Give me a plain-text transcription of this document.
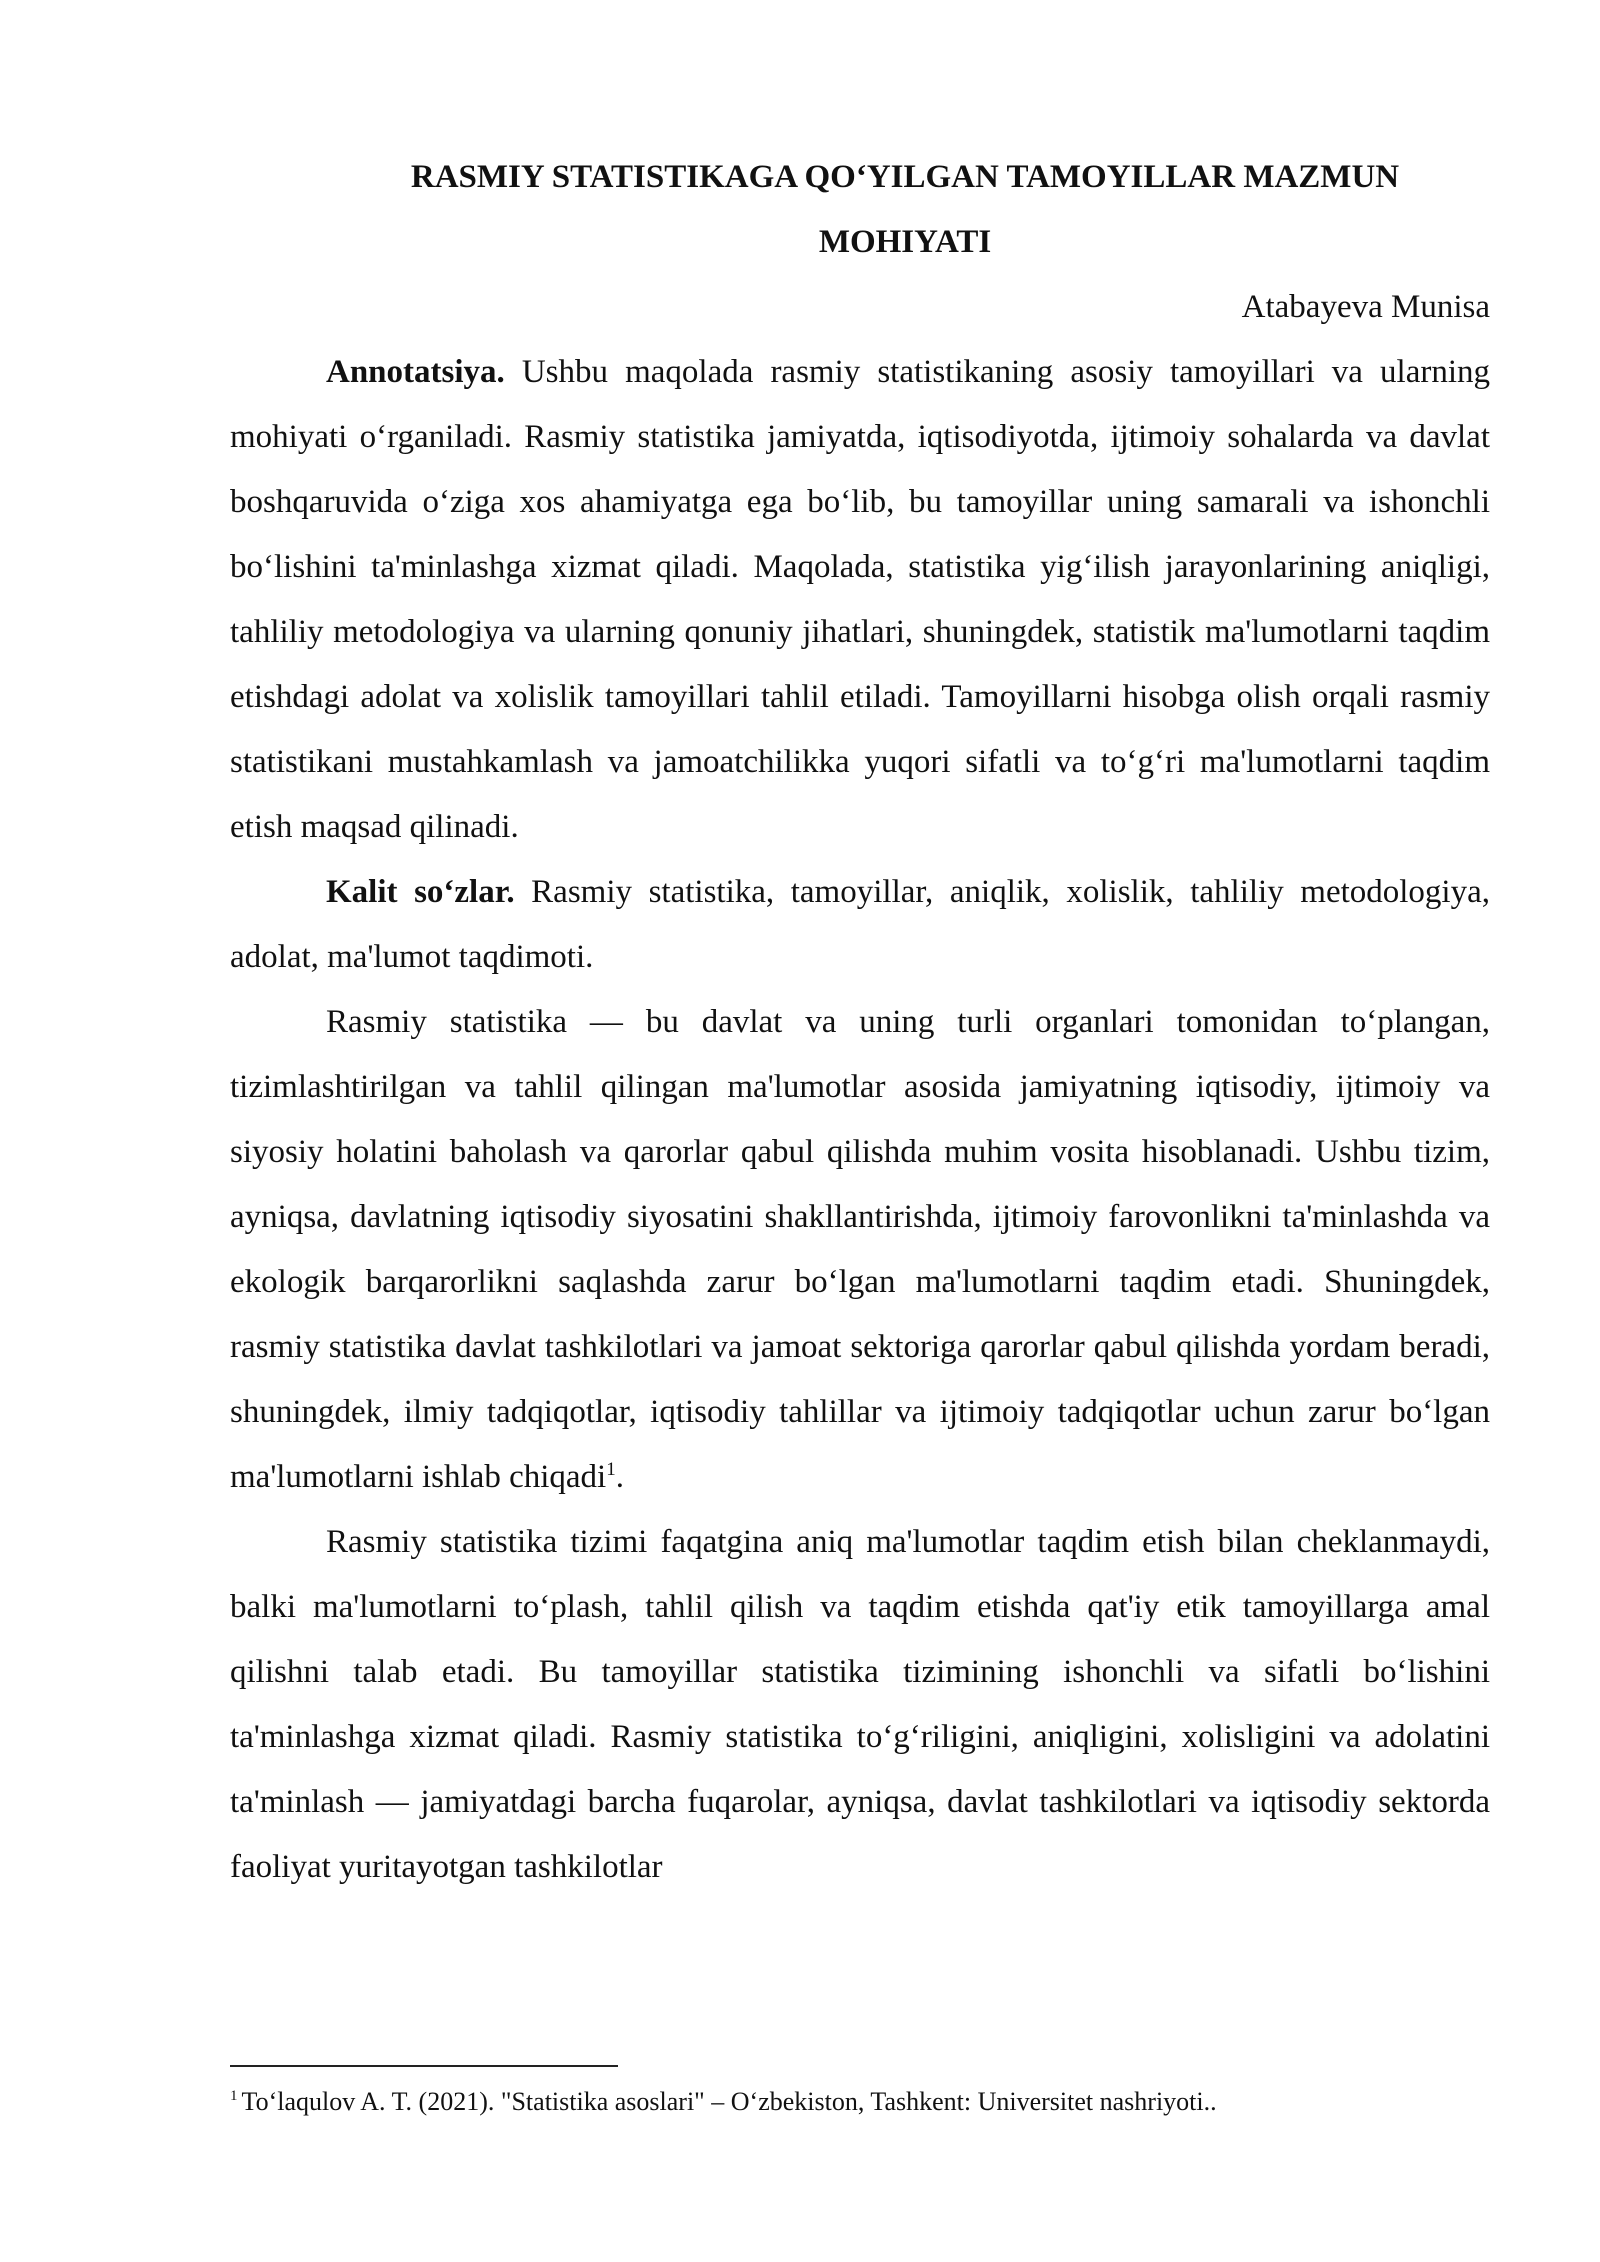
RASMIY STATISTIKAGA QO‘YILGAN TAMOYILLAR MAZMUN
MOHIYATI

Atabayeva Munisa

Annotatsiya. Ushbu maqolada rasmiy statistikaning asosiy tamoyillari va ularning mohiyati o‘rganiladi. Rasmiy statistika jamiyatda, iqtisodiyotda, ijtimoiy sohalarda va davlat boshqaruvida o‘ziga xos ahamiyatga ega bo‘lib, bu tamoyillar uning samarali va ishonchli bo‘lishini ta'minlashga xizmat qiladi. Maqolada, statistika yig‘ilish jarayonlarining aniqligi, tahliliy metodologiya va ularning qonuniy jihatlari, shuningdek, statistik ma'lumotlarni taqdim etishdagi adolat va xolislik tamoyillari tahlil etiladi. Tamoyillarni hisobga olish orqali rasmiy statistikani mustahkamlash va jamoatchilikka yuqori sifatli va to‘g‘ri ma'lumotlarni taqdim etish maqsad qilinadi.

Kalit so‘zlar. Rasmiy statistika, tamoyillar, aniqlik, xolislik, tahliliy metodologiya, adolat, ma'lumot taqdimoti.

Rasmiy statistika — bu davlat va uning turli organlari tomonidan to‘plangan, tizimlashtirilgan va tahlil qilingan ma'lumotlar asosida jamiyatning iqtisodiy, ijtimoiy va siyosiy holatini baholash va qarorlar qabul qilishda muhim vosita hisoblanadi. Ushbu tizim, ayniqsa, davlatning iqtisodiy siyosatini shakllantirishda, ijtimoiy farovonlikni ta'minlashda va ekologik barqarorlikni saqlashda zarur bo‘lgan ma'lumotlarni taqdim etadi. Shuningdek, rasmiy statistika davlat tashkilotlari va jamoat sektoriga qarorlar qabul qilishda yordam beradi, shuningdek, ilmiy tadqiqotlar, iqtisodiy tahlillar va ijtimoiy tadqiqotlar uchun zarur bo‘lgan ma'lumotlarni ishlab chiqadi$^1$.

Rasmiy statistika tizimi faqatgina aniq ma'lumotlar taqdim etish bilan cheklanmaydi, balki ma'lumotlarni to‘plash, tahlil qilish va taqdim etishda qat'iy etik tamoyillarga amal qilishni talab etadi. Bu tamoyillar statistika tizimining ishonchli va sifatli bo‘lishini ta'minlashga xizmat qiladi. Rasmiy statistika to‘g‘riligini, aniqligini, xolisligini va adolatini ta'minlash — jamiyatdagi barcha fuqarolar, ayniqsa, davlat tashkilotlari va iqtisodiy sektorda faoliyat yuritayotgan tashkilotlar

$^1$ To‘laqulov A. T. (2021). "Statistika asoslari" – O‘zbekiston, Tashkent: Universitet nashriyoti..
